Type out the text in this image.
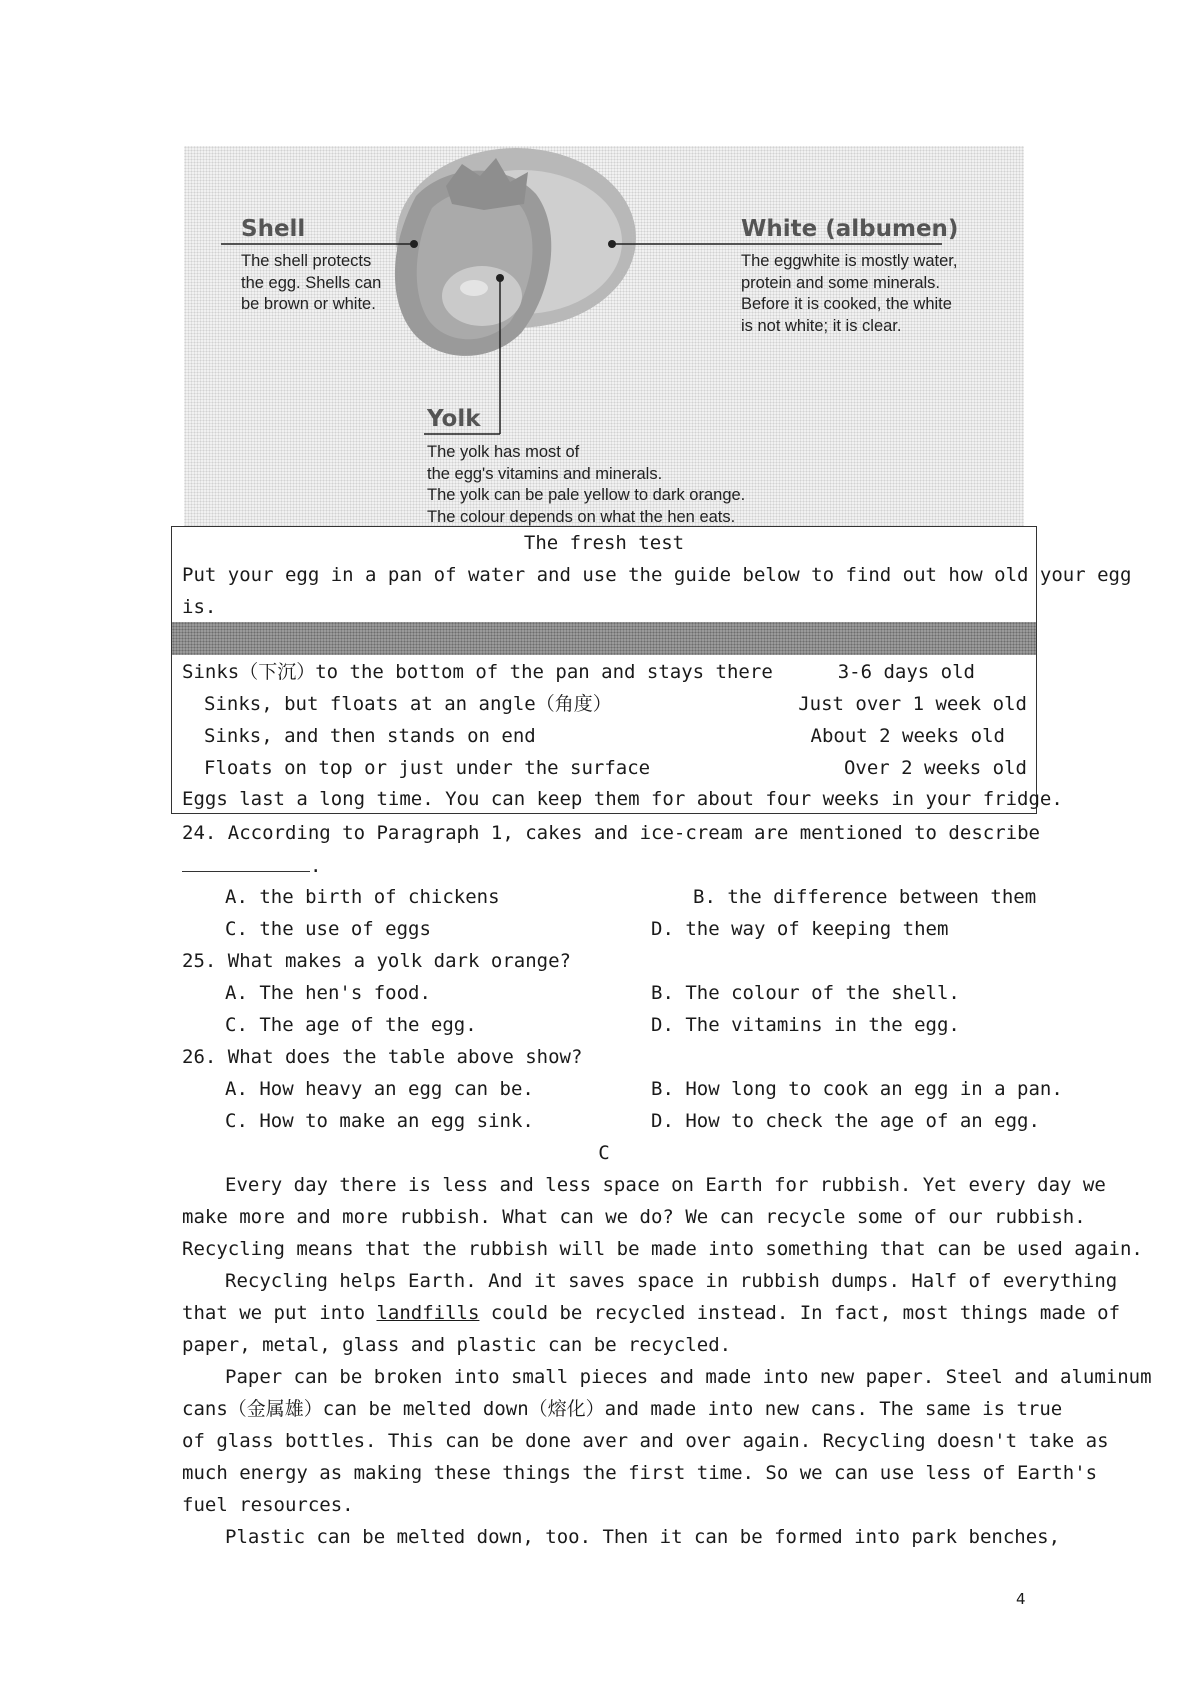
Shell
The shell protects
the egg. Shells can
be brown or white.
White (albumen)
The eggwhite is mostly water,
protein and some minerals.
Before it is cooked, the white
is not white; it is clear.
Yolk
The yolk has most of
the egg's vitamins and minerals.
The yolk can be pale yellow to dark orange.
The colour depends on what the hen eats.
The fresh test
Put your egg in a pan of water and use the guide below to find out how old your egg
is.
Sinks（下沉）to the bottom of the pan and stays there	3-6 days old
Sinks, but floats at an angle（角度）	Just over 1 week old
Sinks, and then stands on end	About 2 weeks old
Floats on top or just under the surface	Over 2 weeks old
Eggs last a long time. You can keep them for about four weeks in your fridge.
24. According to Paragraph 1, cakes and ice-cream are mentioned to describe
.
A. the birth of chickens	B. the difference between them
C. the use of eggs	D. the way of keeping them
25. What makes a yolk dark orange?
A. The hen's food.	B. The colour of the shell.
C. The age of the egg.	D. The vitamins in the egg.
26. What does the table above show?
A. How heavy an egg can be.	B. How long to cook an egg in a pan.
C. How to make an egg sink.	D. How to check the age of an egg.
C
Every day there is less and less space on Earth for rubbish. Yet every day we
make more and more rubbish. What can we do? We can recycle some of our rubbish.
Recycling means that the rubbish will be made into something that can be used again.
Recycling helps Earth. And it saves space in rubbish dumps. Half of everything
that we put into landfills could be recycled instead. In fact, most things made of
paper, metal, glass and plastic can be recycled.
Paper can be broken into small pieces and made into new paper. Steel and aluminum
cans（金属雄）can be melted down（熔化）and made into new cans. The same is true
of glass bottles. This can be done aver and over again. Recycling doesn't take as
much energy as making these things the first time. So we can use less of Earth's
fuel resources.
Plastic can be melted down, too. Then it can be formed into park benches,
4
